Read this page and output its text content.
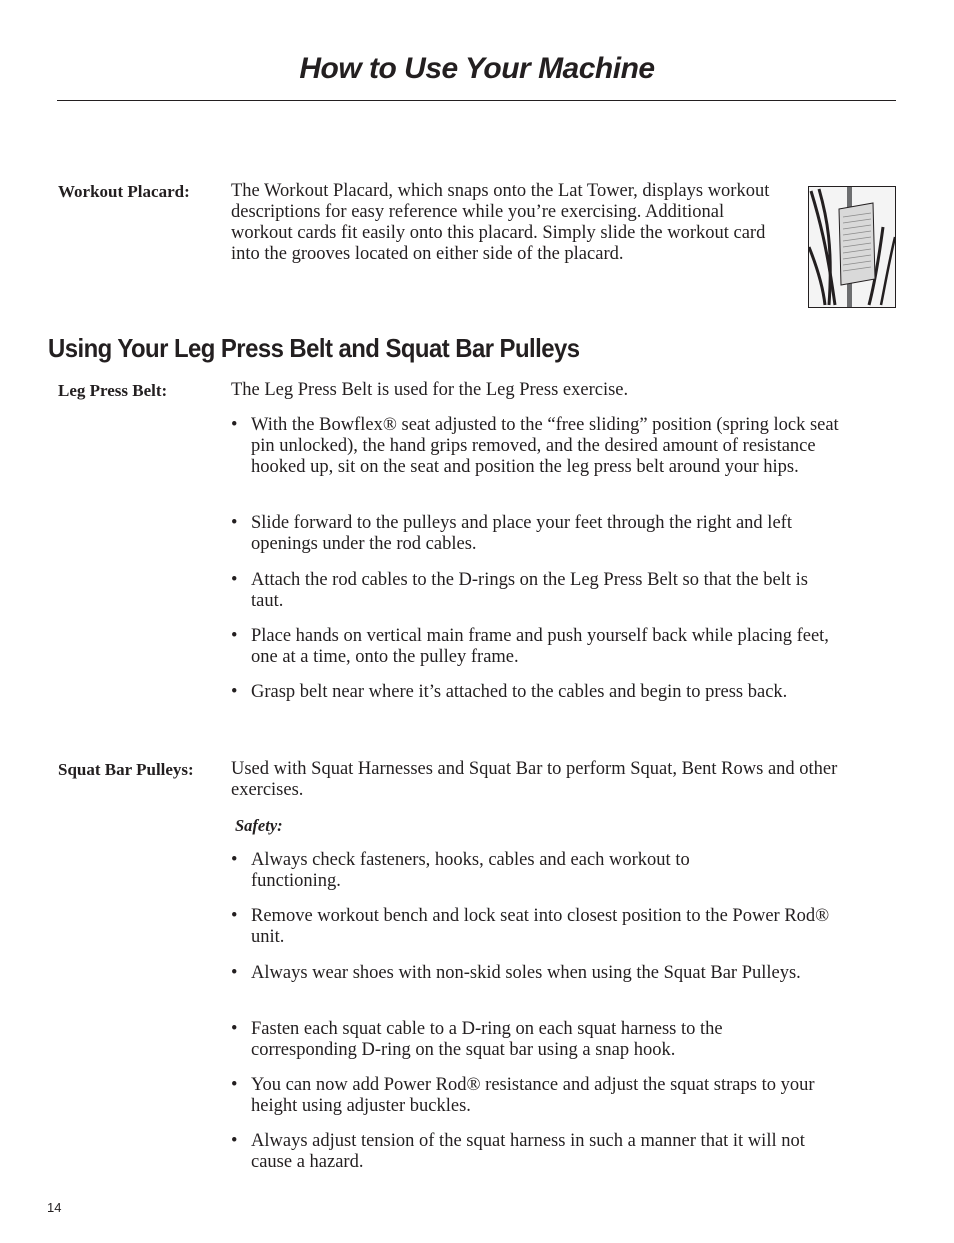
How to Use Your Machine
Workout Placard: The Workout Placard, which snaps onto the Lat Tower, displays workout descriptions for easy reference while you’re exercising. Additional workout cards fit easily onto this placard. Simply slide the workout card into the grooves located on either side of the placard.

Using Your Leg Press Belt and Squat Bar Pulleys
Leg Press Belt:	The Leg Press Belt is used for the Leg Press exercise.

• With the Bowflex® seat adjusted to the “free sliding” position (spring lock seat pin unlocked), the hand grips removed, and the desired amount of resistance hooked up, sit on the seat and position the leg press belt around your hips.
• Slide forward to the pulleys and place your feet through the right and left openings under the rod cables.
• Attach the rod cables to the D-rings on the Leg Press Belt so that the belt is taut.
• Place hands on vertical main frame and push yourself back while placing feet, one at a time, onto the pulley frame.
• Grasp belt near where it’s attached to the cables and begin to press back.
Squat Bar Pulleys: Used with Squat Harnesses and Squat Bar to perform Squat, Bent Rows and other exercises.

Safety:
• Always check fasteners, hooks, cables and each workout to functioning.
• Remove workout bench and lock seat into closest position to the Power Rod® unit.
• Always wear shoes with non-skid soles when using the Squat Bar Pulleys.
• Fasten each squat cable to a D-ring on each squat harness to the corresponding D-ring on the squat bar using a snap hook.
• You can now add Power Rod® resistance and adjust the squat straps to your height using adjuster buckles.
• Always adjust tension of the squat harness in such a manner that it will not cause a hazard.
14
